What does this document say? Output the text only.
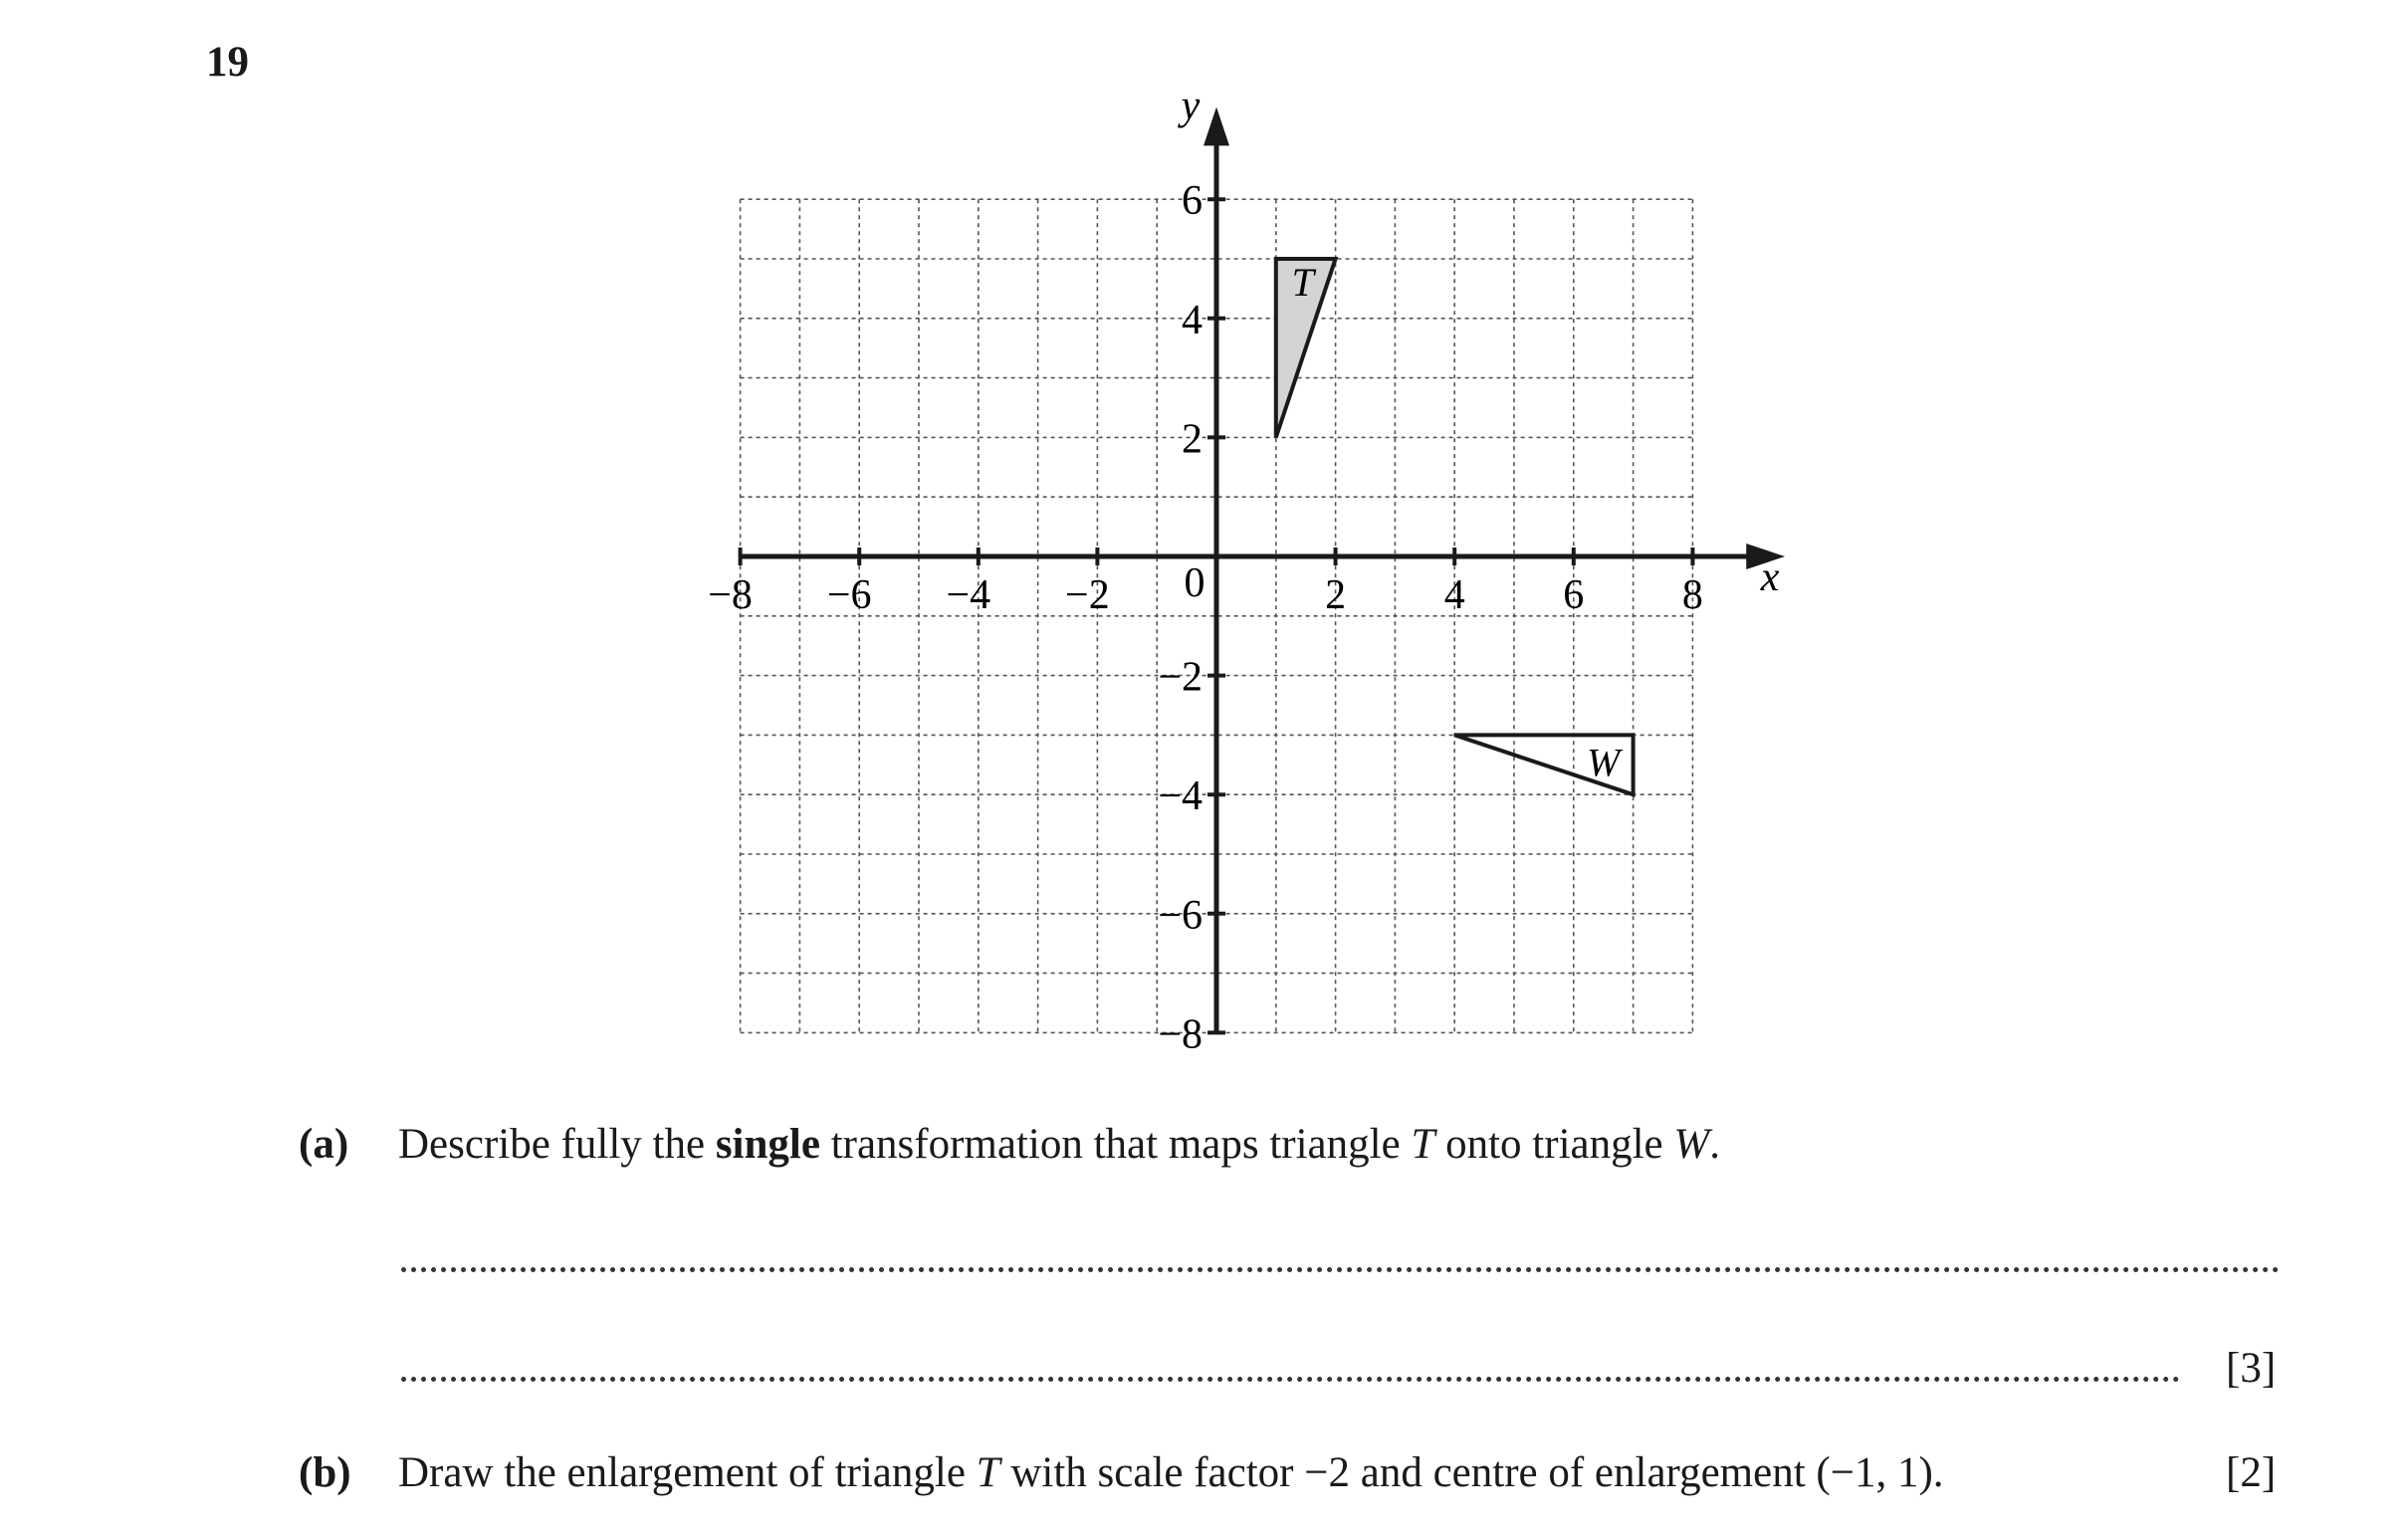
19
x
y
0
T
W
−8 −6 −4 −2	2 4 6 8
6
4
2
−2
−4
−6
−8
(a) Describe fully the single transformation that maps triangle T onto triangle W.
[3]
(b) Draw the enlargement of triangle T with scale factor −2 and centre of enlargement (−1, 1).	[2]
